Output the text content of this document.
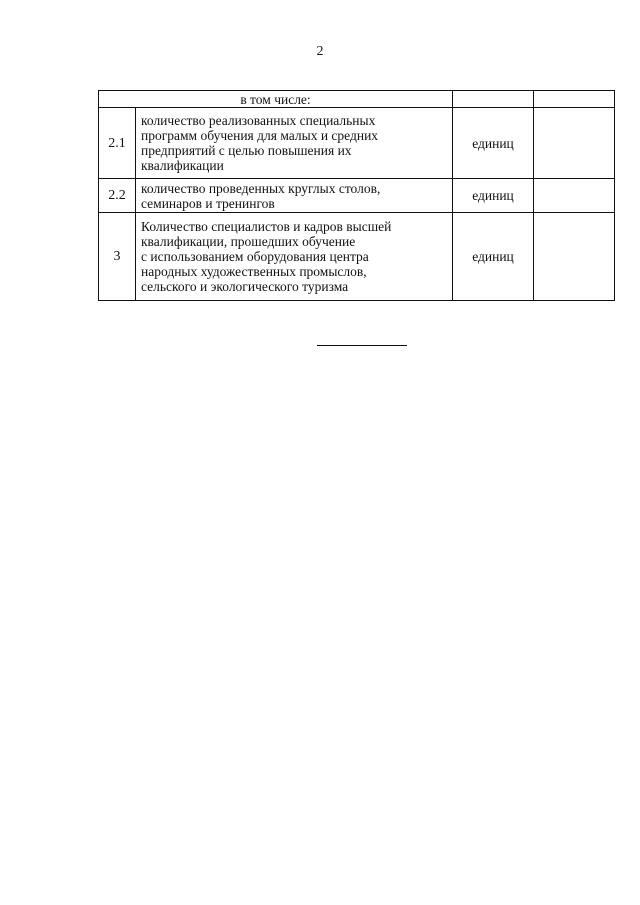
2
в том числе:			
2.1	количество реализованных специальных
программ обучения для малых и средних
предприятий с целью повышения их
квалификации	единиц	
2.2	количество проведенных круглых столов,
семинаров и тренингов	единиц	
3	Количество специалистов и кадров высшей
квалификации, прошедших обучение
с использованием оборудования центра
народных художественных промыслов,
сельского и экологического туризма	единиц	
